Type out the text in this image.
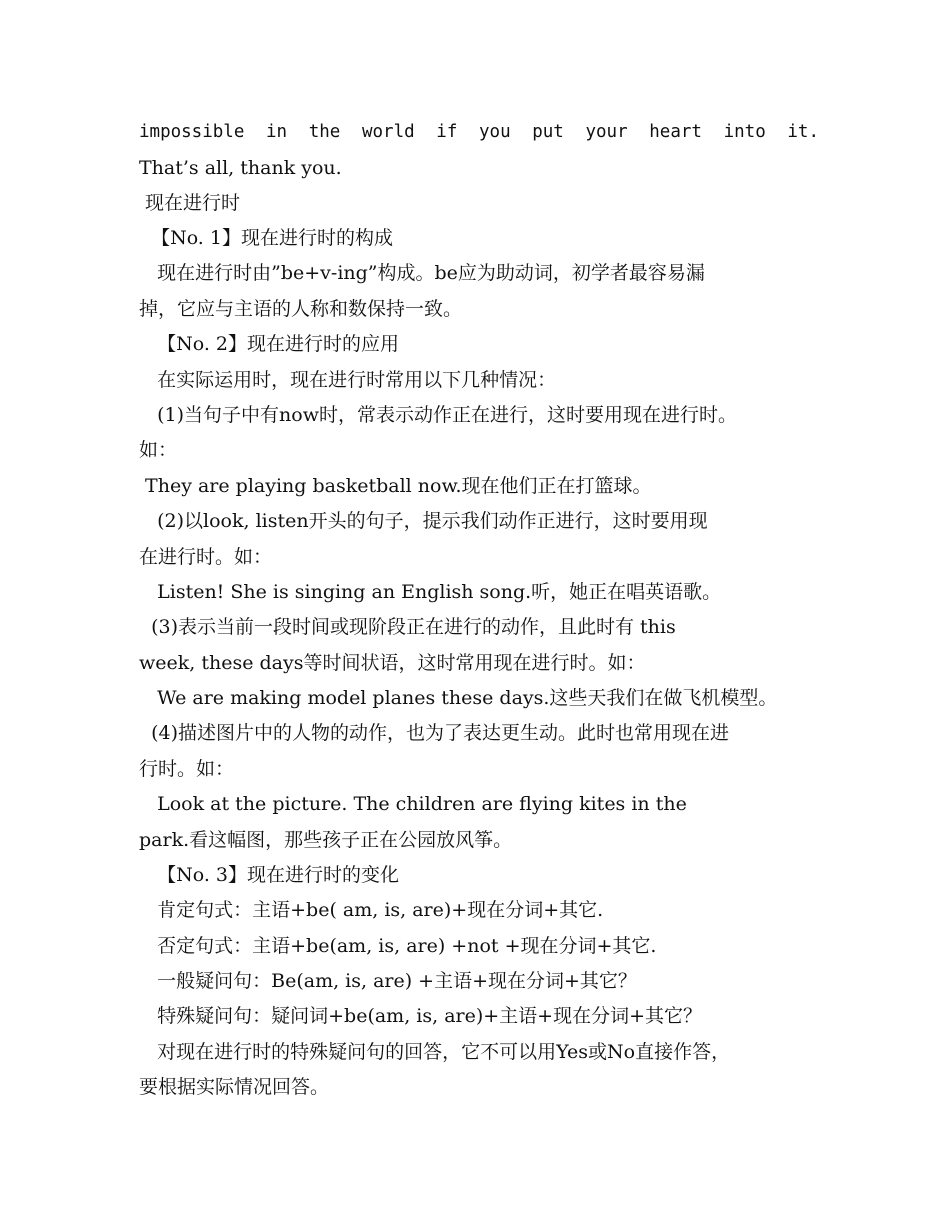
impossible in the world if you put your heart into it.
That’s all, thank you.
现在进行时
【No. 1】现在进行时的构成
现在进行时由”be+v-ing”构成。be应为助动词，初学者最容易漏
掉，它应与主语的人称和数保持一致。
【No. 2】现在进行时的应用
在实际运用时，现在进行时常用以下几种情况：
(1)当句子中有now时，常表示动作正在进行，这时要用现在进行时。
如：
They are playing basketball now.现在他们正在打篮球。
(2)以look, listen开头的句子，提示我们动作正进行，这时要用现
在进行时。如：
Listen! She is singing an English song.听，她正在唱英语歌。
(3)表示当前一段时间或现阶段正在进行的动作，且此时有 this
week, these days等时间状语，这时常用现在进行时。如：
We are making model planes these days.这些天我们在做飞机模型。
(4)描述图片中的人物的动作，也为了表达更生动。此时也常用现在进
行时。如：
Look at the picture. The children are flying kites in the
park.看这幅图，那些孩子正在公园放风筝。
【No. 3】现在进行时的变化
肯定句式：主语+be( am, is, are)+现在分词+其它.
否定句式：主语+be(am, is, are) +not +现在分词+其它.
一般疑问句：Be(am, is, are) +主语+现在分词+其它？
特殊疑问句：疑问词+be(am, is, are)+主语+现在分词+其它？
对现在进行时的特殊疑问句的回答，它不可以用Yes或No直接作答，
要根据实际情况回答。
